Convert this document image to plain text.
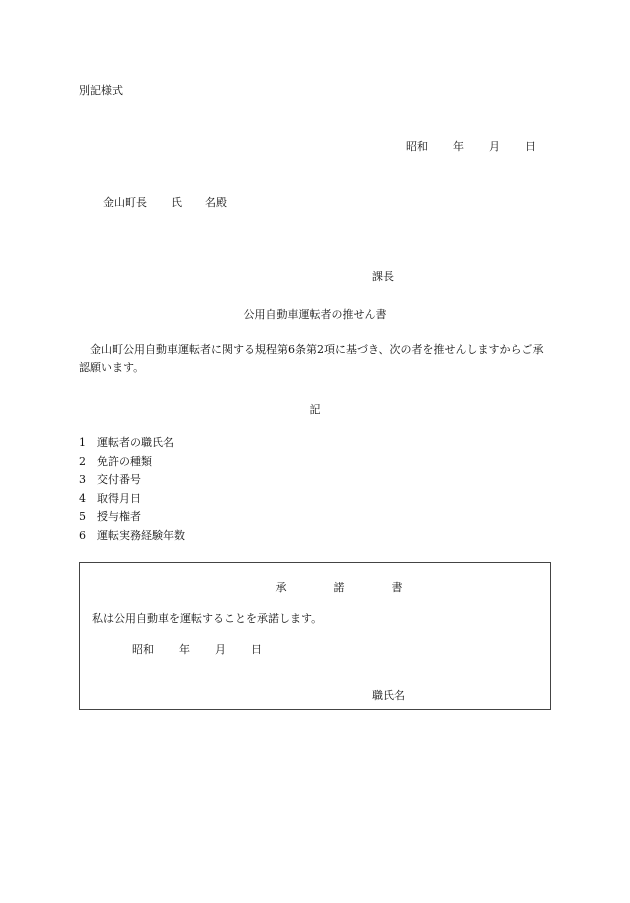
別記様式
昭和 年 月 日
金山町長 氏 名殿
課長
公用自動車運転者の推せん書
金山町公用自動車運転者に関する規程第6条第2項に基づき、次の者を推せんしますからご承認願います。
記
1 運転者の職氏名
2 免許の種類
3 交付番号
4 取得月日
5 授与権者
6 運転実務経験年数
承	諾	書
私は公用自動車を運転することを承諾します。
昭和 年 月 日
職氏名
